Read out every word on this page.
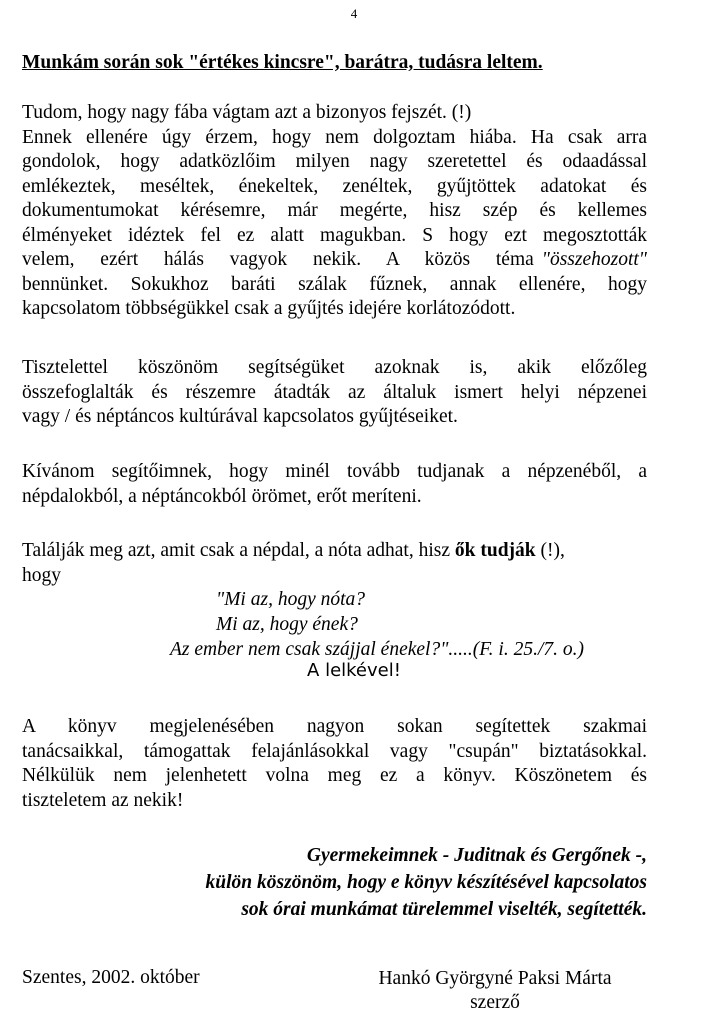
4
Munkám során sok "értékes kincsre", barátra, tudásra leltem.
Tudom, hogy nagy fába vágtam azt a bizonyos fejszét. (!)
Ennek ellenére úgy érzem, hogy nem dolgoztam hiába. Ha csak arra
gondolok, hogy adatközlőim milyen nagy szeretettel és odaadással
emlékeztek, meséltek, énekeltek, zenéltek, gyűjtöttek adatokat és
dokumentumokat kérésemre, már megérte, hisz szép és kellemes
élményeket idéztek fel ez alatt magukban. S hogy ezt megosztották
velem, ezért hálás vagyok nekik. A közös téma "összehozott"
bennünket. Sokukhoz baráti szálak fűznek, annak ellenére, hogy
kapcsolatom többségükkel csak a gyűjtés idejére korlátozódott.
Tisztelettel köszönöm segítségüket azoknak is, akik előzőleg
összefoglalták és részemre átadták az általuk ismert helyi népzenei
vagy / és néptáncos kultúrával kapcsolatos gyűjtéseiket.
Kívánom segítőimnek, hogy minél tovább tudjanak a népzenéből, a
népdalokból, a néptáncokból örömet, erőt meríteni.
Találják meg azt, amit csak a népdal, a nóta adhat, hisz ők tudják (!),
hogy
"Mi az, hogy nóta?
Mi az, hogy ének?
Az ember nem csak szájjal énekel?".....(F. i. 25./7. o.)
A lelkével!
A könyv megjelenésében nagyon sokan segítettek szakmai
tanácsaikkal, támogattak felajánlásokkal vagy "csupán" biztatásokkal.
Nélkülük nem jelenhetett volna meg ez a könyv. Köszönetem és
tiszteletem az nekik!
Gyermekeimnek - Juditnak és Gergőnek -,
külön köszönöm, hogy e könyv készítésével kapcsolatos
sok órai munkámat türelemmel viselték, segítették.
Szentes, 2002. október	Hankó Györgyné Paksi Márta
szerző
